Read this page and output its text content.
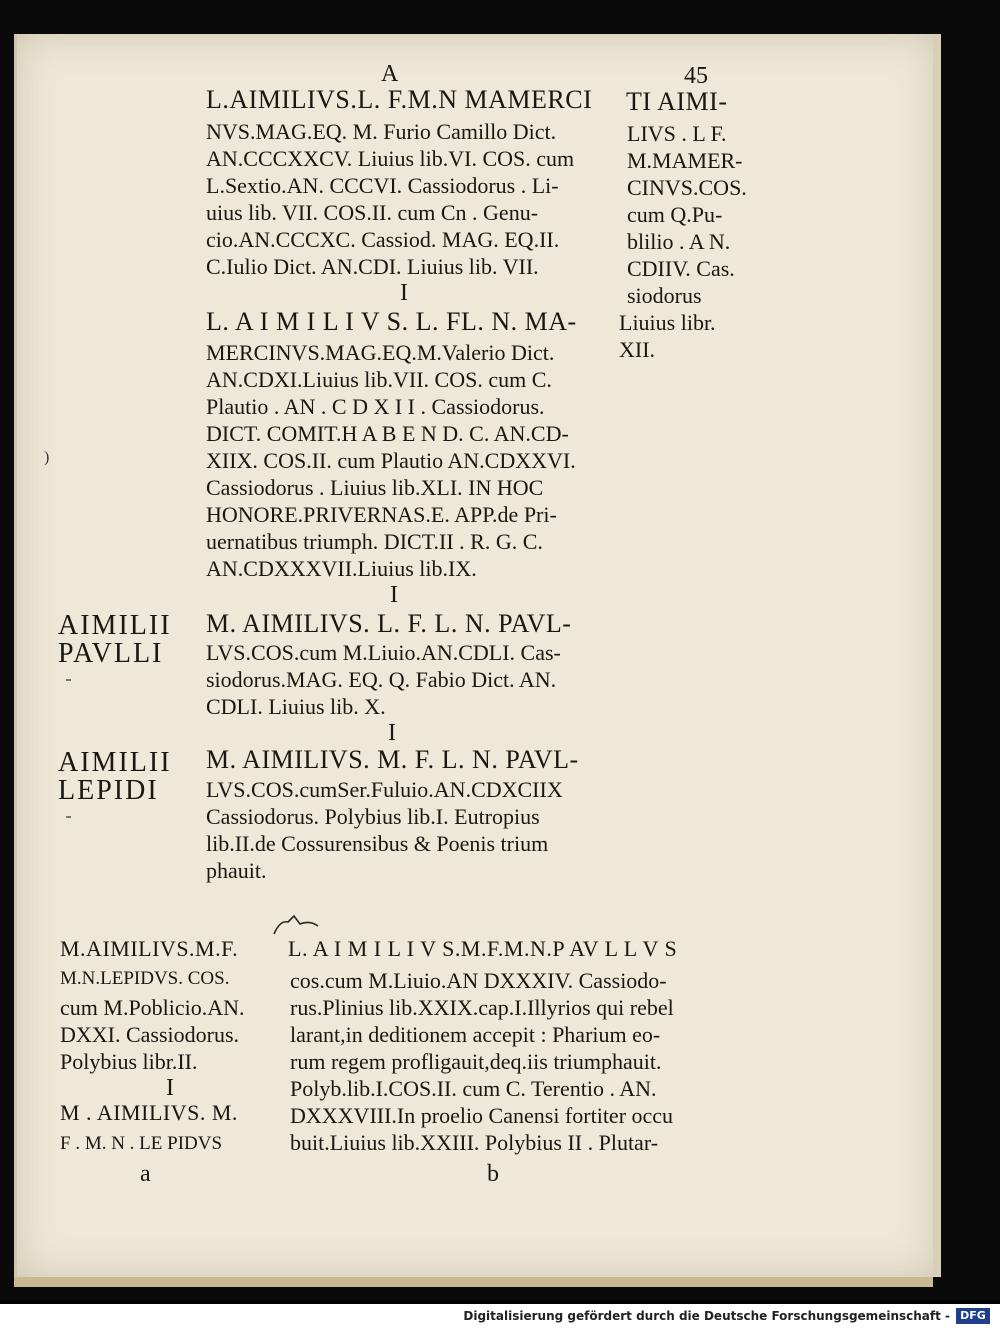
A	45
L.AIMILIVS.L. F.M.N MAMERCI
NVS.MAG.EQ. M. Furio Camillo Dict.
AN.CCCXXCV. Liuius lib.VI. COS. cum
L.Sextio.AN. CCCVI. Cassiodorus . Li-
uius lib. VII. COS.II. cum Cn . Genu-
cio.AN.CCCXC. Cassiod. MAG. EQ.II.
C.Iulio Dict. AN.CDI. Liuius lib. VII.
I
L. A I M I L I V S. L. FL. N. MA-
MERCINVS.MAG.EQ.M.Valerio Dict.
AN.CDXI.Liuius lib.VII. COS. cum C.
Plautio . AN . C D X I I . Cassiodorus.
DICT. COMIT.H A B E N D. C. AN.CD-
XIIX. COS.II. cum Plautio AN.CDXXVI.
Cassiodorus . Liuius lib.XLI. IN HOC
HONORE.PRIVERNAS.E. APP.de Pri-
uernatibus triumph. DICT.II . R. G. C.
AN.CDXXXVII.Liuius lib.IX.
I
M. AIMILIVS. L. F. L. N. PAVL-
LVS.COS.cum M.Liuio.AN.CDLI. Cas-
siodorus.MAG. EQ. Q. Fabio Dict. AN.
CDLI. Liuius lib. X.
I
M. AIMILIVS. M. F. L. N. PAVL-
LVS.COS.cumSer.Fuluio.AN.CDXCIIX
Cassiodorus. Polybius lib.I. Eutropius
lib.II.de Cossurensibus & Poenis trium
phauit.
TI AIMI-
LIVS . L F.
M.MAMER-
CINVS.COS.
cum Q.Pu-
blilio . A N.
CDIIV. Cas.
siodorus
Liuius libr.
XII.
AIMILII
PAVLLI
AIMILII
LEPIDI
M.AIMILIVS.M.F.
M.N.LEPIDVS. COS.
cum M.Poblicio.AN.
DXXI. Cassiodorus.
Polybius libr.II.
I
M . AIMILIVS. M.
F . M. N . LE PIDVS
a
L. A I M I L I V S.M.F.M.N.P AV L L V S
cos.cum M.Liuio.AN DXXXIV. Cassiodo-
rus.Plinius lib.XXIX.cap.I.Illyrios qui rebel
larant,in deditionem accepit : Pharium eo-
rum regem profligauit,deq.iis triumphauit.
Polyb.lib.I.COS.II. cum C. Terentio . AN.
DXXXVIII.In proelio Canensi fortiter occu
buit.Liuius lib.XXIII. Polybius II . Plutar-
b
)
Digitalisierung gefördert durch die Deutsche Forschungsgemeinschaft - DFG
